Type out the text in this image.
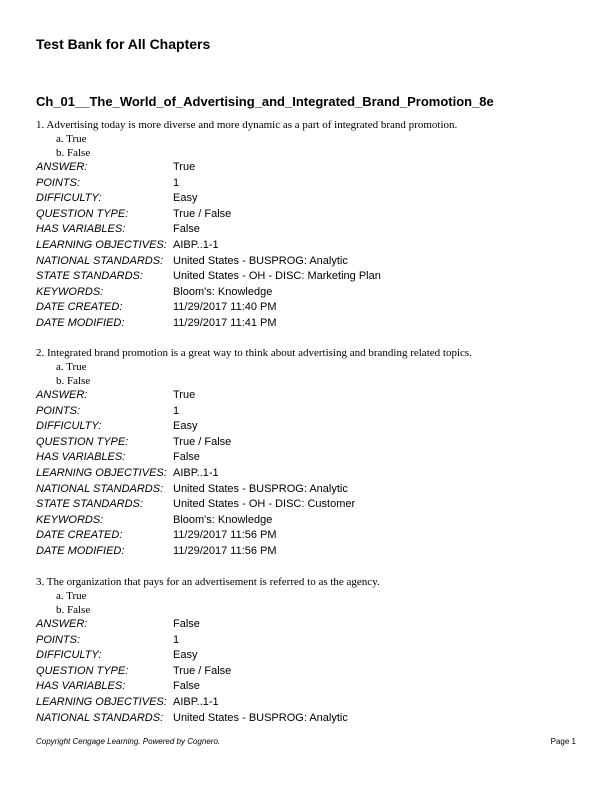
Test Bank for All Chapters
Ch_01__The_World_of_Advertising_and_Integrated_Brand_Promotion_8e
1. Advertising today is more diverse and more dynamic as a part of integrated brand promotion.
a. True
b. False
ANSWER:	True
POINTS:	1
DIFFICULTY:	Easy
QUESTION TYPE:	True / False
HAS VARIABLES:	False
LEARNING OBJECTIVES: AIBP..1-1
NATIONAL STANDARDS: United States - BUSPROG: Analytic
STATE STANDARDS:	United States - OH - DISC: Marketing Plan
KEYWORDS:	Bloom's: Knowledge
DATE CREATED:	11/29/2017 11:40 PM
DATE MODIFIED:	11/29/2017 11:41 PM
2. Integrated brand promotion is a great way to think about advertising and branding related topics.
a. True
b. False
ANSWER:	True
POINTS:	1
DIFFICULTY:	Easy
QUESTION TYPE:	True / False
HAS VARIABLES:	False
LEARNING OBJECTIVES: AIBP..1-1
NATIONAL STANDARDS: United States - BUSPROG: Analytic
STATE STANDARDS:	United States - OH - DISC: Customer
KEYWORDS:	Bloom's: Knowledge
DATE CREATED:	11/29/2017 11:56 PM
DATE MODIFIED:	11/29/2017 11:56 PM
3. The organization that pays for an advertisement is referred to as the agency.
a. True
b. False
ANSWER:	False
POINTS:	1
DIFFICULTY:	Easy
QUESTION TYPE:	True / False
HAS VARIABLES:	False
LEARNING OBJECTIVES: AIBP..1-1
NATIONAL STANDARDS: United States - BUSPROG: Analytic
Copyright Cengage Learning. Powered by Cognero.	Page 1
